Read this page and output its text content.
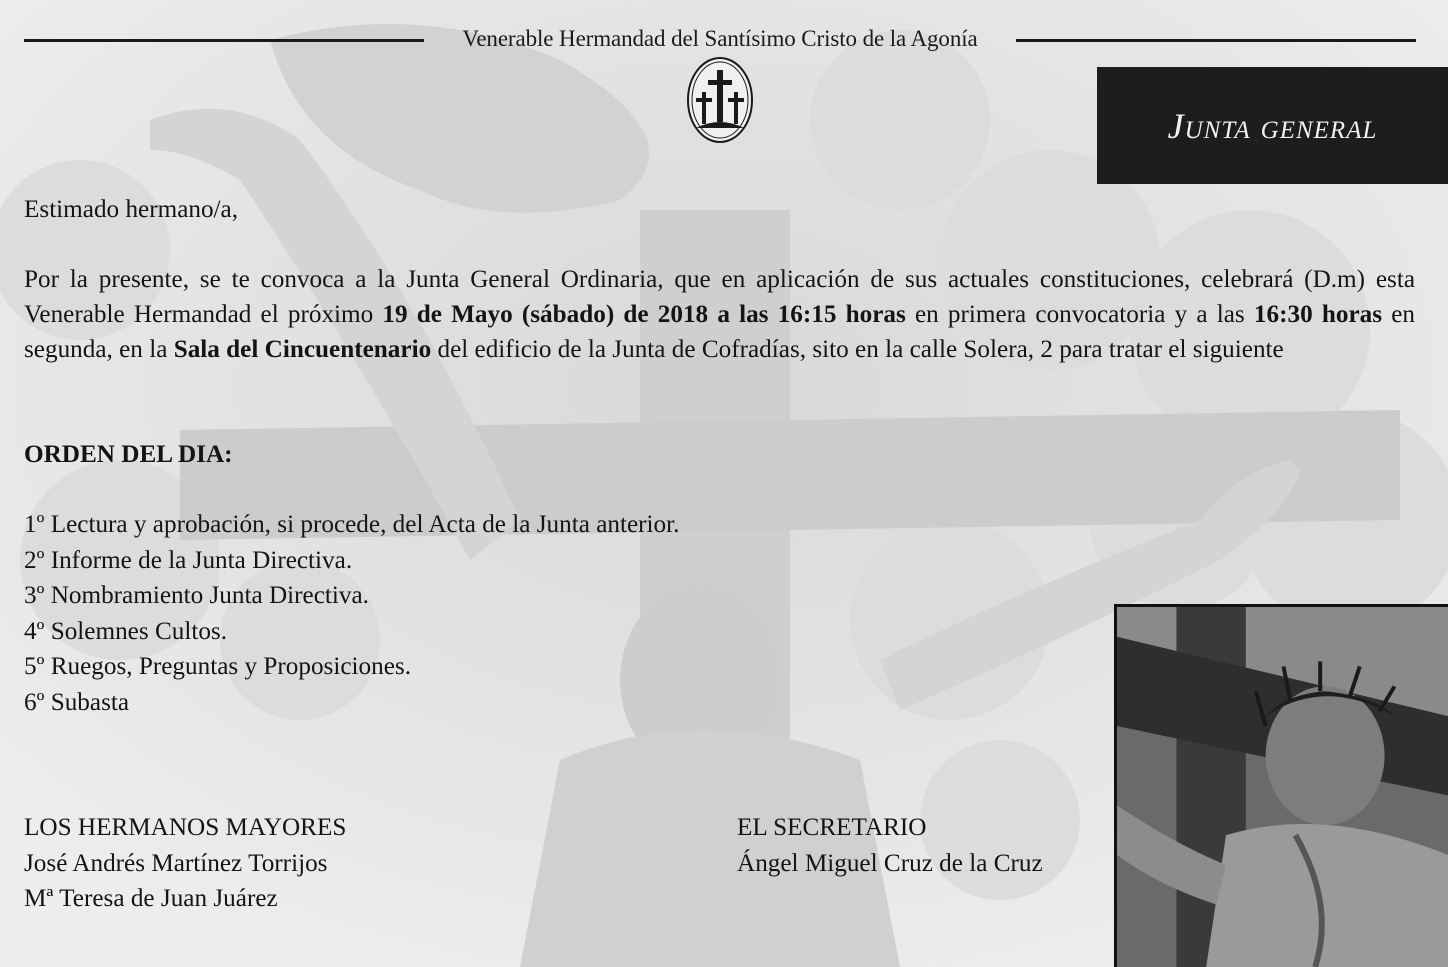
Venerable Hermandad del Santísimo Cristo de la Agonía
Junta general
Estimado hermano/a,
Por la presente, se te convoca a la Junta General Ordinaria, que en aplicación de sus actuales constituciones, celebrará (D.m) esta Venerable Hermandad el próximo 19 de Mayo (sábado) de 2018 a las 16:15 horas en primera convocatoria y a las 16:30 horas en segunda, en la Sala del Cincuentenario del edificio de la Junta de Cofradías, sito en la calle Solera, 2 para tratar el siguiente
ORDEN DEL DIA:
1º Lectura y aprobación, si procede, del Acta de la Junta anterior.
2º Informe de la Junta Directiva.
3º Nombramiento Junta Directiva.
4º Solemnes Cultos.
5º Ruegos, Preguntas y Proposiciones.
6º Subasta
LOS HERMANOS MAYORES
José Andrés Martínez Torrijos
Mª Teresa de Juan Juárez
EL SECRETARIO
Ángel Miguel Cruz de la Cruz
